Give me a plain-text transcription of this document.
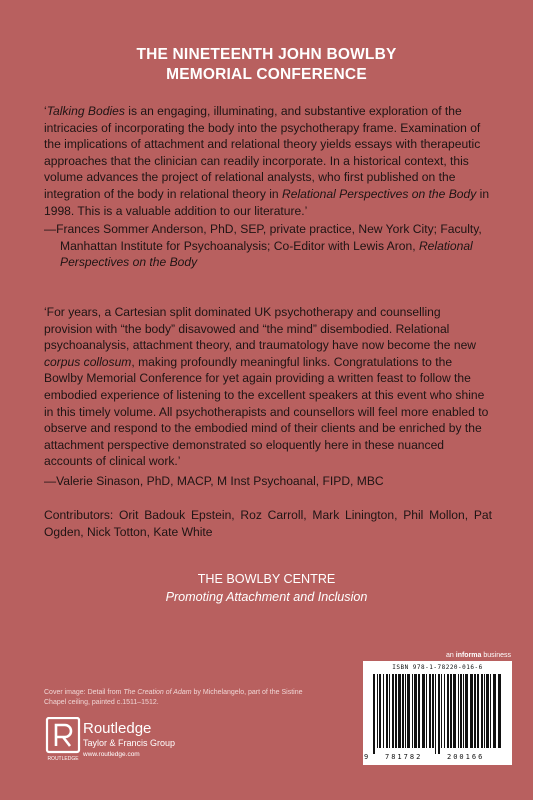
THE NINETEENTH JOHN BOWLBY
MEMORIAL CONFERENCE
‘Talking Bodies is an engaging, illuminating, and substantive exploration of the intricacies of incorporating the body into the psychotherapy frame. Examination of the implications of attachment and relational theory yields essays with therapeutic approaches that the clinician can readily incorporate. In a historical context, this volume advances the project of relational analysts, who first published on the integration of the body in relational theory in Relational Perspectives on the Body in 1998. This is a valuable addition to our literature.’
—Frances Sommer Anderson, PhD, SEP, private practice, New York City; Faculty, Manhattan Institute for Psychoanalysis; Co-Editor with Lewis Aron, Relational Perspectives on the Body
‘For years, a Cartesian split dominated UK psychotherapy and counselling provision with “the body” disavowed and “the mind” disembodied. Relational psychoanalysis, attachment theory, and traumatology have now become the new corpus collosum, making profoundly meaningful links. Congratulations to the Bowlby Memorial Conference for yet again providing a written feast to follow the embodied experience of listening to the excellent speakers at this event who shine in this timely volume. All psychotherapists and counsellors will feel more enabled to observe and respond to the embodied mind of their clients and be enriched by the attachment perspective demonstrated so eloquently here in these nuanced accounts of clinical work.’
—Valerie Sinason, PhD, MACP, M Inst Psychoanal, FIPD, MBC
Contributors: Orit Badouk Epstein, Roz Carroll, Mark Linington, Phil Mollon, Pat Ogden, Nick Totton, Kate White
THE BOWLBY CENTRE
Promoting Attachment and Inclusion
an informa business
Cover image: Detail from The Creation of Adam by Michelangelo, part of the Sistine Chapel ceiling, painted c.1511–1512.
ROUTLEDGE
Routledge
Taylor & Francis Group
www.routledge.com
ISBN 978-1-78220-016-6
9 781782	200166
